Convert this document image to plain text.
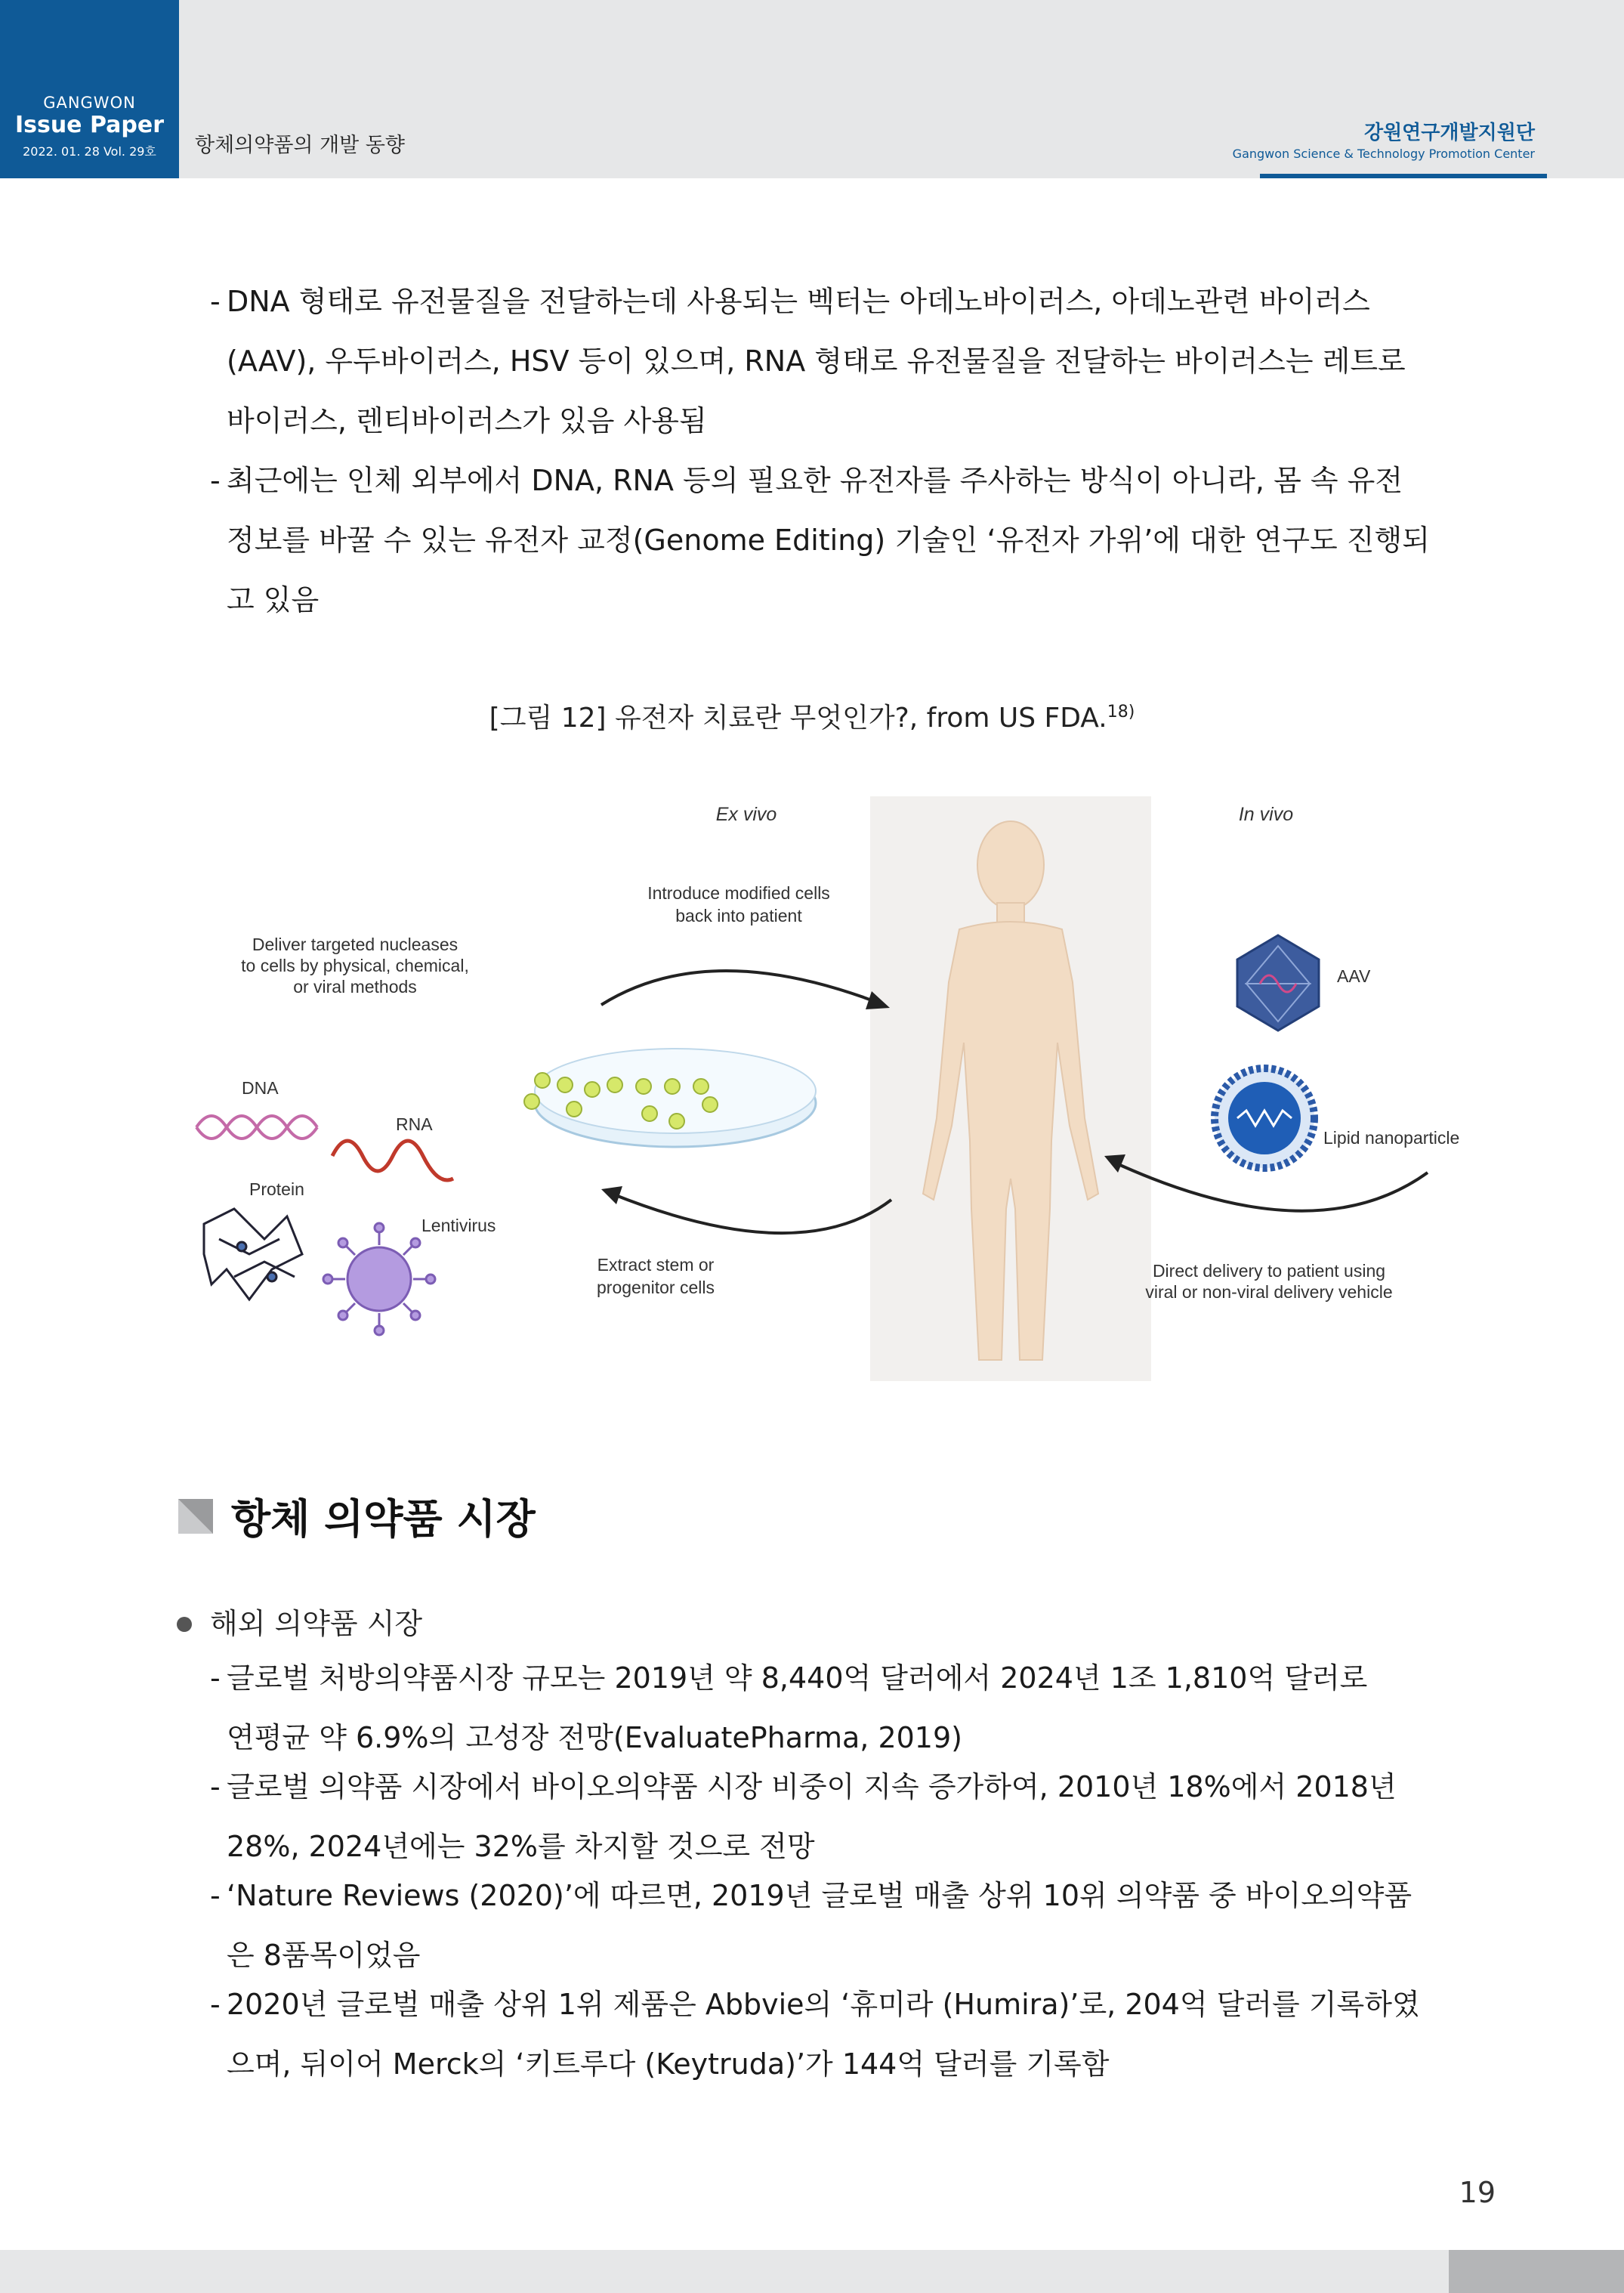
GANGWON
Issue Paper
2022. 01. 28 Vol. 29호	항체의약품의 개발 동향
강원연구개발지원단
Gangwon Science & Technology Promotion Center
- DNA 형태로 유전물질을 전달하는데 사용되는 벡터는 아데노바이러스, 아데노관련 바이러스
(AAV), 우두바이러스, HSV 등이 있으며, RNA 형태로 유전물질을 전달하는 바이러스는 레트로
바이러스, 렌티바이러스가 있음 사용됨
- 최근에는 인체 외부에서 DNA, RNA 등의 필요한 유전자를 주사하는 방식이 아니라, 몸 속 유전
정보를 바꿀 수 있는 유전자 교정(Genome Editing) 기술인 ‘유전자 가위’에 대한 연구도 진행되
고 있음
[그림 12] 유전자 치료란 무엇인가?, from US FDA.$^{18)}$
Ex vivo	In vivo
Introduce modified cells
back into patient
Deliver targeted nucleases
to cells by physical, chemical,
or viral methods
DNA
RNA
Protein
Lentivirus
Extract stem or
progenitor cells
AAV
Lipid nanoparticle
Direct delivery to patient using
viral or non-viral delivery vehicle
항체 의약품 시장
해외 의약품 시장
- 글로벌 처방의약품시장 규모는 2019년 약 8,440억 달러에서 2024년 1조 1,810억 달러로
연평균 약 6.9%의 고성장 전망(EvaluatePharma, 2019)
- 글로벌 의약품 시장에서 바이오의약품 시장 비중이 지속 증가하여, 2010년 18%에서 2018년
28%, 2024년에는 32%를 차지할 것으로 전망
- ‘Nature Reviews (2020)’에 따르면, 2019년 글로벌 매출 상위 10위 의약품 중 바이오의약품
은 8품목이었음
- 2020년 글로벌 매출 상위 1위 제품은 Abbvie의 ‘휴미라 (Humira)’로, 204억 달러를 기록하였
으며, 뒤이어 Merck의 ‘키트루다 (Keytruda)’가 144억 달러를 기록함
19
